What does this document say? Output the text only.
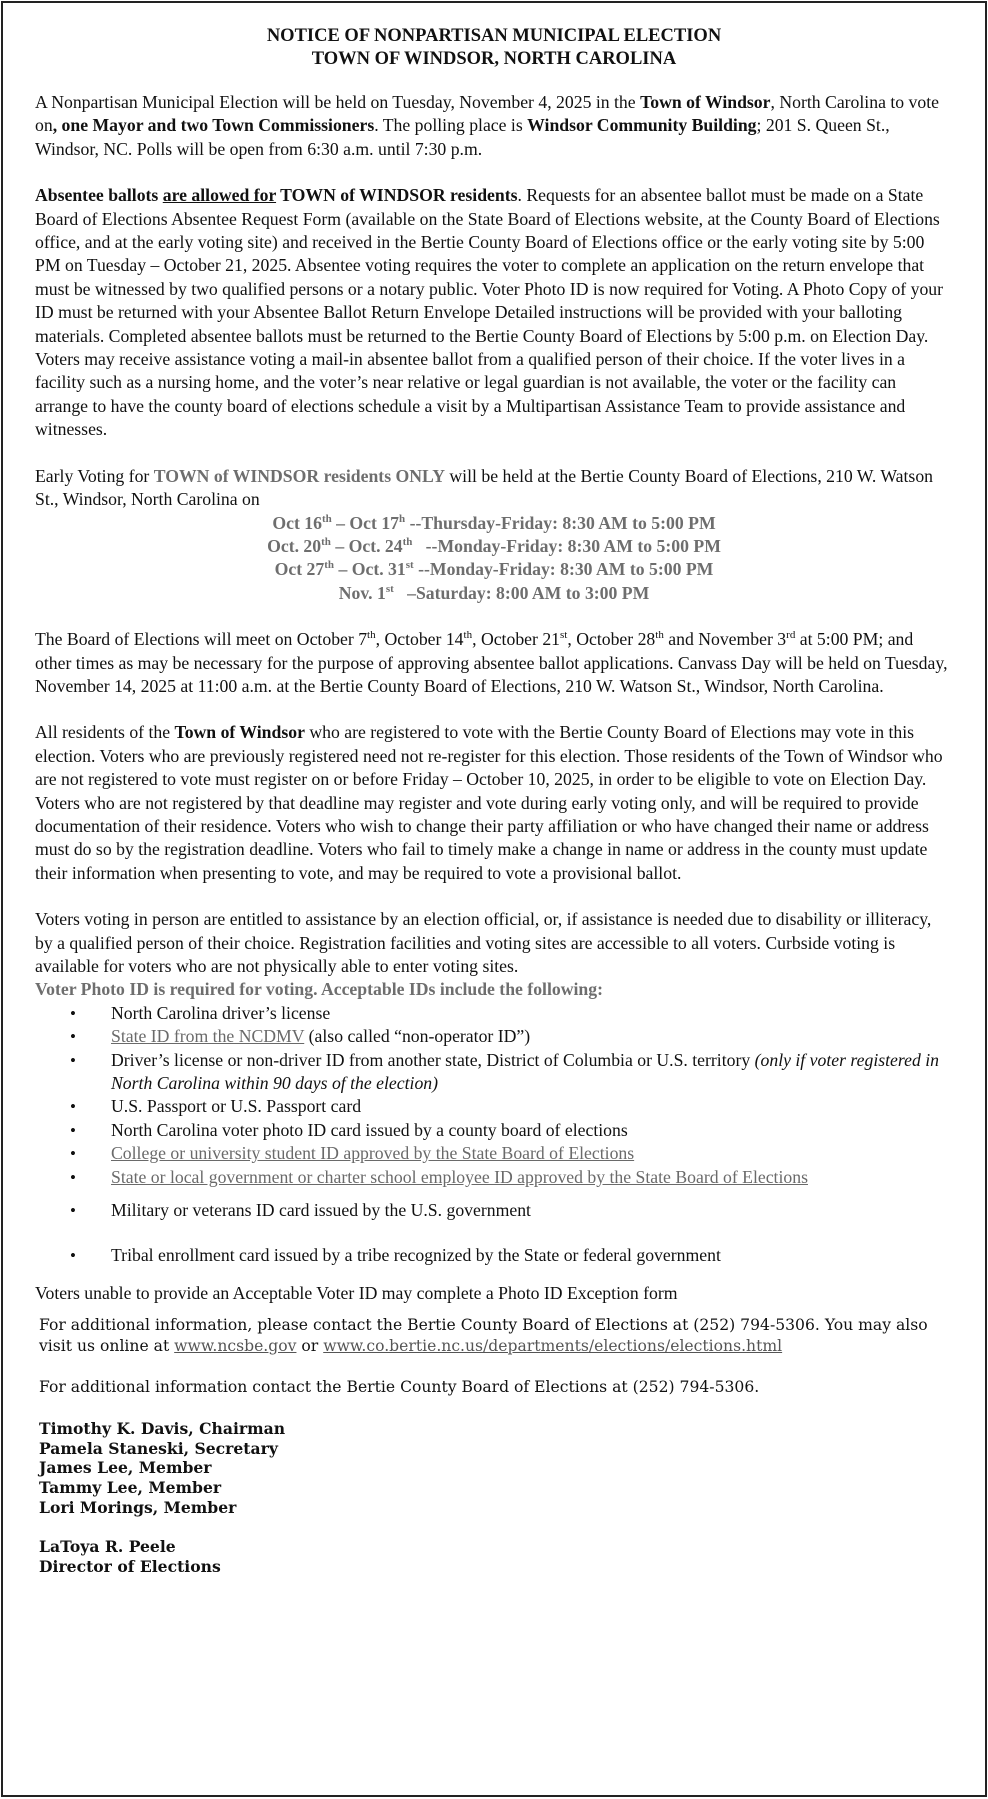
NOTICE OF NONPARTISAN MUNICIPAL ELECTION
TOWN OF WINDSOR, NORTH CAROLINA

A Nonpartisan Municipal Election will be held on Tuesday, November 4, 2025 in the Town of Windsor, North Carolina to vote on, one Mayor and two Town Commissioners. The polling place is Windsor Community Building; 201 S. Queen St., Windsor, NC. Polls will be open from 6:30 a.m. until 7:30 p.m.

Absentee ballots are allowed for TOWN of WINDSOR residents. Requests for an absentee ballot must be made on a State Board of Elections Absentee Request Form (available on the State Board of Elections website, at the County Board of Elections office, and at the early voting site) and received in the Bertie County Board of Elections office or the early voting site by 5:00 PM on Tuesday – October 21, 2025. Absentee voting requires the voter to complete an application on the return envelope that must be witnessed by two qualified persons or a notary public. Voter Photo ID is now required for Voting. A Photo Copy of your ID must be returned with your Absentee Ballot Return Envelope Detailed instructions will be provided with your balloting materials. Completed absentee ballots must be returned to the Bertie County Board of Elections by 5:00 p.m. on Election Day. Voters may receive assistance voting a mail-in absentee ballot from a qualified person of their choice. If the voter lives in a facility such as a nursing home, and the voter’s near relative or legal guardian is not available, the voter or the facility can arrange to have the county board of elections schedule a visit by a Multipartisan Assistance Team to provide assistance and witnesses.

Early Voting for TOWN of WINDSOR residents ONLY will be held at the Bertie County Board of Elections, 210 W. Watson St., Windsor, North Carolina on

Oct 16th – Oct 17$^h$ --Thursday-Friday: 8:30 AM to 5:00 PM
Oct. 20th – Oct. 24th   --Monday-Friday: 8:30 AM to 5:00 PM
Oct 27th – Oct. 31st --Monday-Friday: 8:30 AM to 5:00 PM
Nov. 1st   –Saturday: 8:00 AM to 3:00 PM

The Board of Elections will meet on October 7th, October 14th, October 21st, October 28th and November 3rd at 5:00 PM; and other times as may be necessary for the purpose of approving absentee ballot applications. Canvass Day will be held on Tuesday, November 14, 2025 at 11:00 a.m. at the Bertie County Board of Elections, 210 W. Watson St., Windsor, North Carolina.

All residents of the Town of Windsor who are registered to vote with the Bertie County Board of Elections may vote in this election. Voters who are previously registered need not re-register for this election. Those residents of the Town of Windsor who are not registered to vote must register on or before Friday – October 10, 2025, in order to be eligible to vote on Election Day. Voters who are not registered by that deadline may register and vote during early voting only, and will be required to provide documentation of their residence. Voters who wish to change their party affiliation or who have changed their name or address must do so by the registration deadline. Voters who fail to timely make a change in name or address in the county must update their information when presenting to vote, and may be required to vote a provisional ballot.

Voters voting in person are entitled to assistance by an election official, or, if assistance is needed due to disability or illiteracy, by a qualified person of their choice. Registration facilities and voting sites are accessible to all voters. Curbside voting is available for voters who are not physically able to enter voting sites.

Voter Photo ID is required for voting. Acceptable IDs include the following:

• North Carolina driver’s license
• State ID from the NCDMV (also called “non-operator ID”)
• Driver’s license or non-driver ID from another state, District of Columbia or U.S. territory (only if voter registered in North Carolina within 90 days of the election)
• U.S. Passport or U.S. Passport card
• North Carolina voter photo ID card issued by a county board of elections
• College or university student ID approved by the State Board of Elections
• State or local government or charter school employee ID approved by the State Board of Elections
• Military or veterans ID card issued by the U.S. government
• Tribal enrollment card issued by a tribe recognized by the State or federal government

Voters unable to provide an Acceptable Voter ID may complete a Photo ID Exception form

For additional information, please contact the Bertie County Board of Elections at (252) 794-5306. You may also visit us online at www.ncsbe.gov or www.co.bertie.nc.us/departments/elections/elections.html

For additional information contact the Bertie County Board of Elections at (252) 794-5306.

Timothy K. Davis, Chairman
Pamela Staneski, Secretary
James Lee, Member
Tammy Lee, Member
Lori Morings, Member
LaToya R. Peele
Director of Elections
